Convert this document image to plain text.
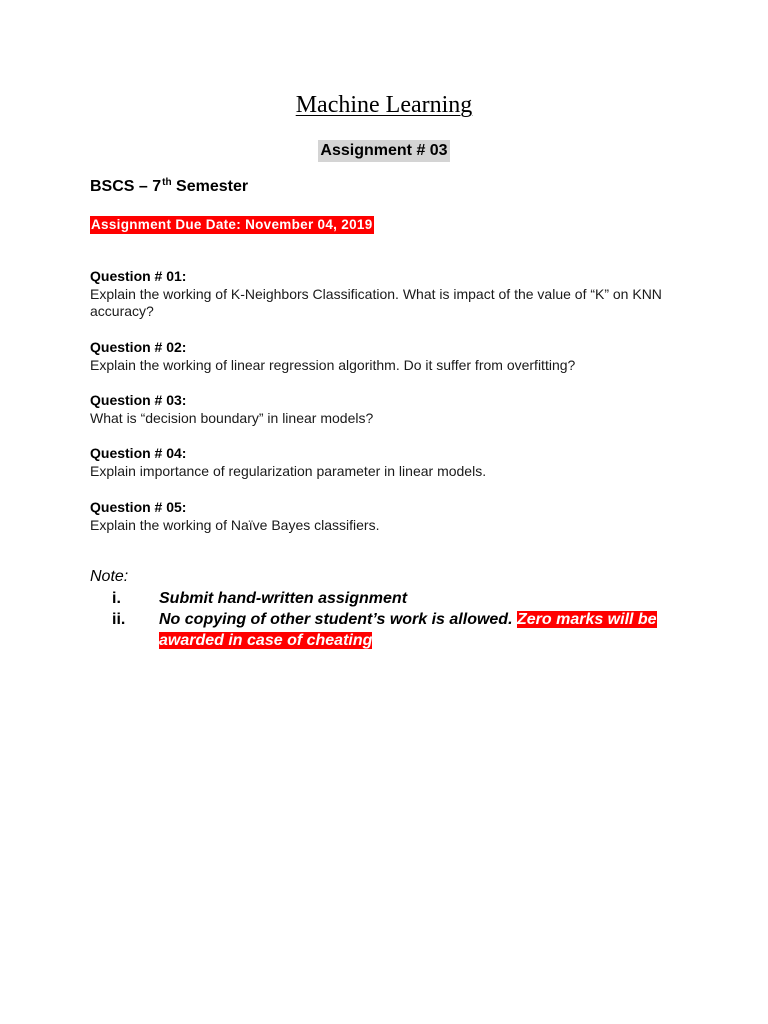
Machine Learning
Assignment # 03
BSCS – 7th Semester
Assignment Due Date: November 04, 2019
Question # 01:
Explain the working of K-Neighbors Classification. What is impact of the value of “K” on KNN accuracy?
Question # 02:
Explain the working of linear regression algorithm. Do it suffer from overfitting?
Question # 03:
What is “decision boundary” in linear models?
Question # 04:
Explain importance of regularization parameter in linear models.
Question # 05:
Explain the working of Naïve Bayes classifiers.
Note:
i.	Submit hand-written assignment
ii.	No copying of other student’s work is allowed. Zero marks will be awarded in case of cheating
